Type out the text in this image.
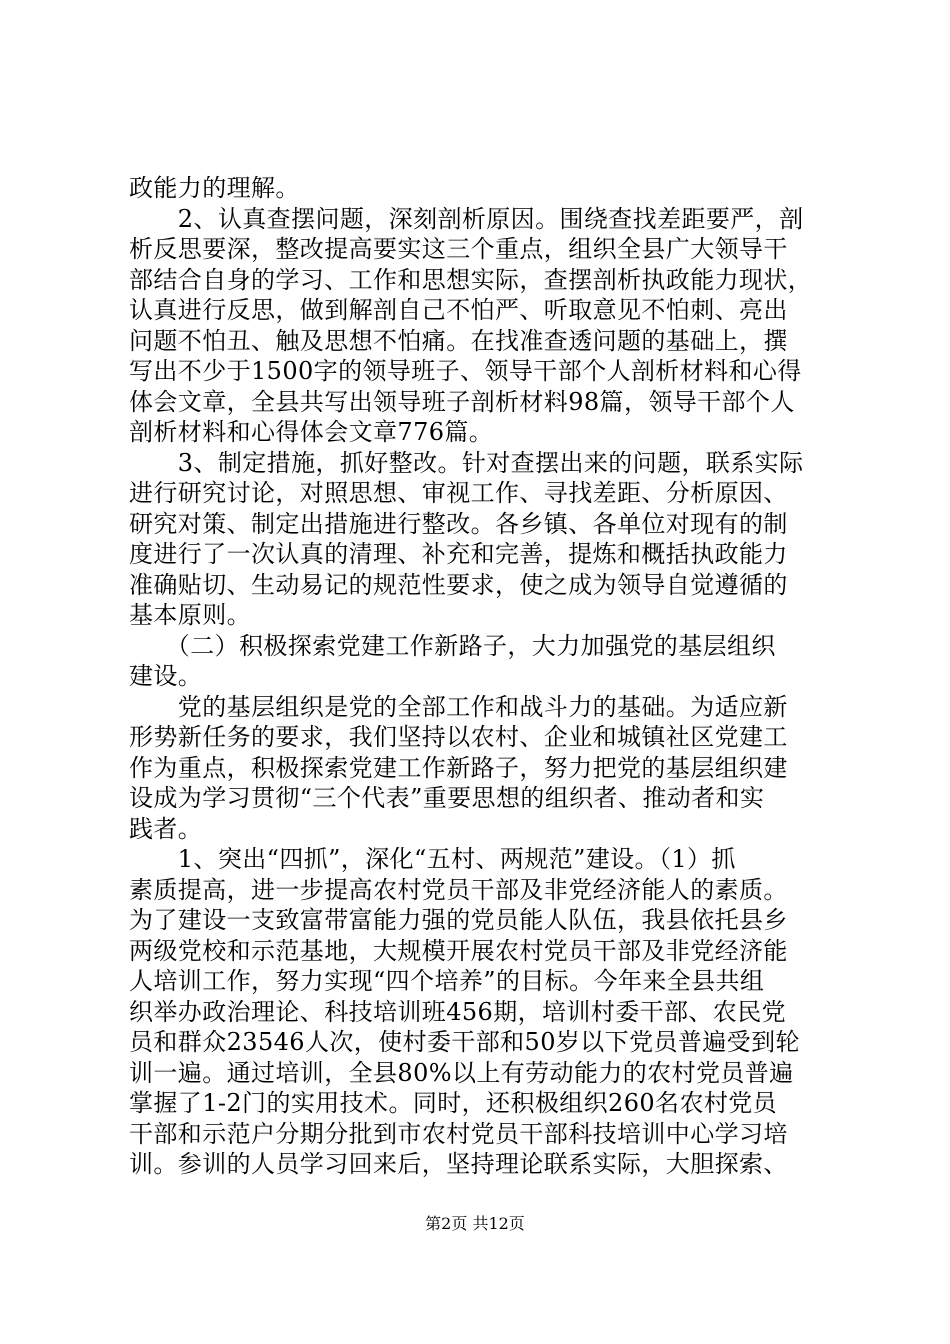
政能力的理解。
　　2、认真查摆问题，深刻剖析原因。围绕查找差距要严，剖
析反思要深，整改提高要实这三个重点，组织全县广大领导干
部结合自身的学习、工作和思想实际，查摆剖析执政能力现状，
认真进行反思，做到解剖自己不怕严、听取意见不怕刺、亮出
问题不怕丑、触及思想不怕痛。在找准查透问题的基础上，撰
写出不少于1500字的领导班子、领导干部个人剖析材料和心得
体会文章，全县共写出领导班子剖析材料98篇，领导干部个人
剖析材料和心得体会文章776篇。
　　3、制定措施，抓好整改。针对查摆出来的问题，联系实际
进行研究讨论，对照思想、审视工作、寻找差距、分析原因、
研究对策、制定出措施进行整改。各乡镇、各单位对现有的制
度进行了一次认真的清理、补充和完善，提炼和概括执政能力
准确贴切、生动易记的规范性要求，使之成为领导自觉遵循的
基本原则。
　　（二）积极探索党建工作新路子，大力加强党的基层组织
建设。
　　党的基层组织是党的全部工作和战斗力的基础。为适应新
形势新任务的要求，我们坚持以农村、企业和城镇社区党建工
作为重点，积极探索党建工作新路子，努力把党的基层组织建
设成为学习贯彻“三个代表”重要思想的组织者、推动者和实
践者。
　　1、突出“四抓”，深化“五村、两规范”建设。（1）抓
素质提高，进一步提高农村党员干部及非党经济能人的素质。
为了建设一支致富带富能力强的党员能人队伍，我县依托县乡
两级党校和示范基地，大规模开展农村党员干部及非党经济能
人培训工作，努力实现“四个培养”的目标。今年来全县共组
织举办政治理论、科技培训班456期，培训村委干部、农民党
员和群众23546人次，使村委干部和50岁以下党员普遍受到轮
训一遍。通过培训，全县80%以上有劳动能力的农村党员普遍
掌握了1-2门的实用技术。同时，还积极组织260名农村党员
干部和示范户分期分批到市农村党员干部科技培训中心学习培
训。参训的人员学习回来后，坚持理论联系实际，大胆探索、
第2页 共12页
